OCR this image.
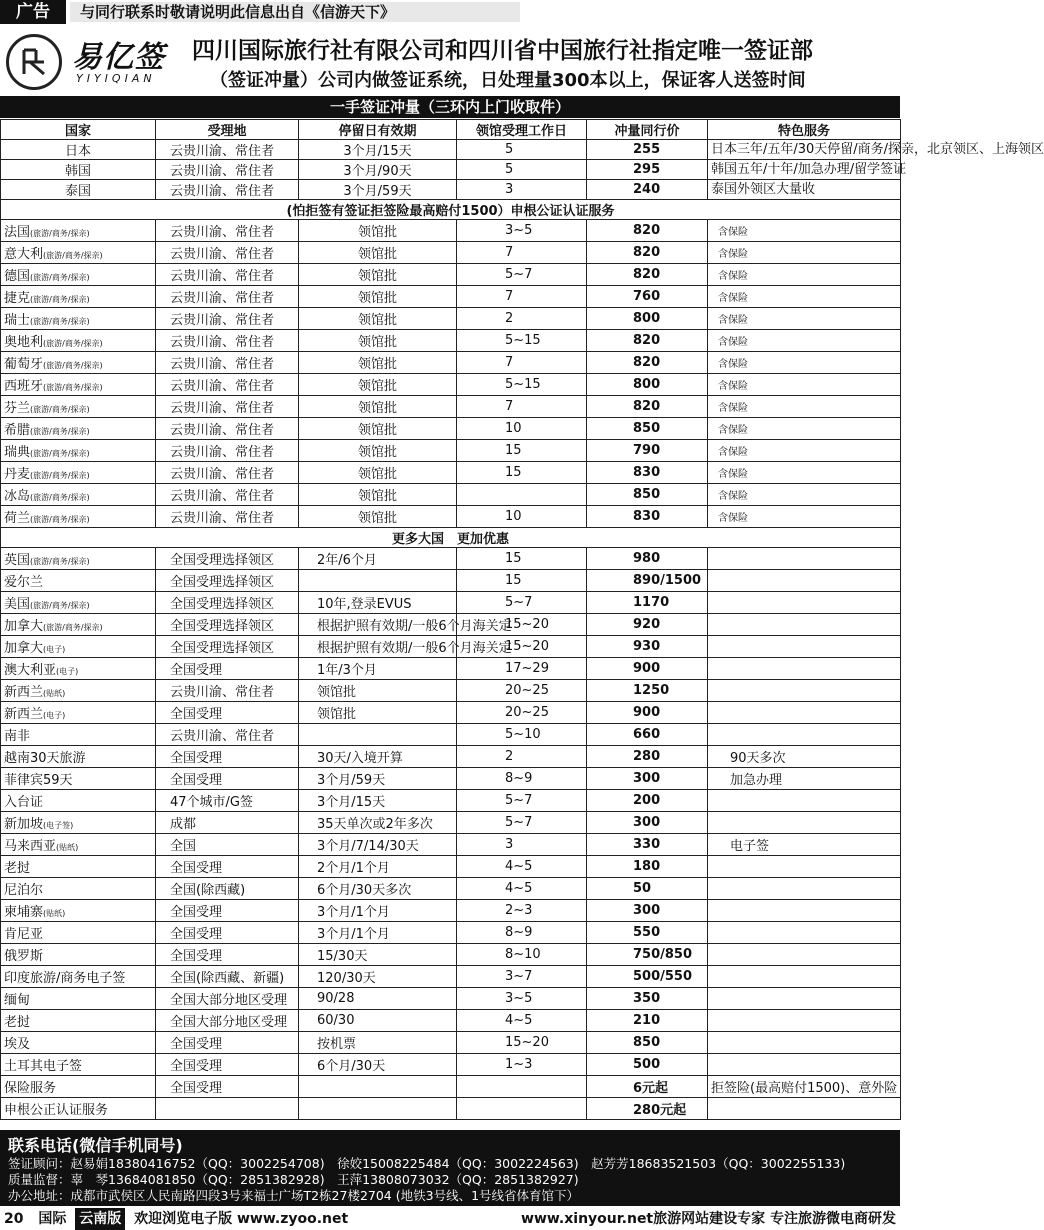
广告	与同行联系时敬请说明此信息出自《信游天下》
易亿签
YIYIQIAN
四川国际旅行社有限公司和四川省中国旅行社指定唯一签证部
（签证冲量）公司内做签证系统，日处理量300本以上，保证客人送签时间
一手签证冲量（三环内上门收取件）
国家	受理地	停留日有效期	领馆受理工作日	冲量同行价	特色服务
日本	云贵川渝、常住者	3个月/15天	5	255	日本三年/五年/30天停留/商务/探亲，北京领区、上海领区
韩国	云贵川渝、常住者	3个月/90天	5	295	韩国五年/十年/加急办理/留学签证
泰国	云贵川渝、常住者	3个月/59天	3	240	泰国外领区大量收
(怕拒签有签证拒签险最高赔付1500）申根公证认证服务					
法国(旅游/商务/探亲)	云贵川渝、常住者	领馆批	3~5	820	含保险
意大利(旅游/商务/探亲)	云贵川渝、常住者	领馆批	7	820	含保险
德国(旅游/商务/探亲)	云贵川渝、常住者	领馆批	5~7	820	含保险
捷克(旅游/商务/探亲)	云贵川渝、常住者	领馆批	7	760	含保险
瑞士(旅游/商务/探亲)	云贵川渝、常住者	领馆批	2	800	含保险
奥地利(旅游/商务/探亲)	云贵川渝、常住者	领馆批	5~15	820	含保险
葡萄牙(旅游/商务/探亲)	云贵川渝、常住者	领馆批	7	820	含保险
西班牙(旅游/商务/探亲)	云贵川渝、常住者	领馆批	5~15	800	含保险
芬兰(旅游/商务/探亲)	云贵川渝、常住者	领馆批	7	820	含保险
希腊(旅游/商务/探亲)	云贵川渝、常住者	领馆批	10	850	含保险
瑞典(旅游/商务/探亲)	云贵川渝、常住者	领馆批	15	790	含保险
丹麦(旅游/商务/探亲)	云贵川渝、常住者	领馆批	15	830	含保险
冰岛(旅游/商务/探亲)	云贵川渝、常住者	领馆批		850	含保险
荷兰(旅游/商务/探亲)	云贵川渝、常住者	领馆批	10	830	含保险
更多大国　更加优惠					
英国(旅游/商务/探亲)	全国受理选择领区	2年/6个月	15	980	
爱尔兰	全国受理选择领区		15	890/1500	
美国(旅游/商务/探亲)	全国受理选择领区	10年,登录EVUS	5~7	1170	
加拿大(旅游/商务/探亲)	全国受理选择领区	根据护照有效期/一般6个月海关定	15~20	920	
加拿大(电子)	全国受理选择领区	根据护照有效期/一般6个月海关定	15~20	930	
澳大利亚(电子)	全国受理	1年/3个月	17~29	900	
新西兰(贴纸)	云贵川渝、常住者	领馆批	20~25	1250	
新西兰(电子)	全国受理	领馆批	20~25	900	
南非	云贵川渝、常住者		5~10	660	
越南30天旅游	全国受理	30天/入境开算	2	280	90天多次
菲律宾59天	全国受理	3个月/59天	8~9	300	加急办理
入台证	47个城市/G签	3个月/15天	5~7	200	
新加坡(电子签)	成都	35天单次或2年多次	5~7	300	
马来西亚(贴纸)	全国	3个月/7/14/30天	3	330	电子签
老挝	全国受理	2个月/1个月	4~5	180	
尼泊尔	全国(除西藏)	6个月/30天多次	4~5	50	
柬埔寨(贴纸)	全国受理	3个月/1个月	2~3	300	
肯尼亚	全国受理	3个月/1个月	8~9	550	
俄罗斯	全国受理	15/30天	8~10	750/850	
印度旅游/商务电子签	全国(除西藏、新疆)	120/30天	3~7	500/550	
缅甸	全国大部分地区受理	90/28	3~5	350	
老挝	全国大部分地区受理	60/30	4~5	210	
埃及	全国受理	按机票	15~20	850	
土耳其电子签	全国受理	6个月/30天	1~3	500	
保险服务	全国受理			6元起	拒签险(最高赔付1500)、意外险
申根公正认证服务				280元起	
联系电话(微信手机同号)
签证顾问：赵易娟18380416752（QQ：3002254708)　徐姣15008225484（QQ：3002224563)　赵芳芳18683521503（QQ：3002255133)
质量监督：辜　琴13684081850（QQ：2851382928)　王萍13808073032（QQ：2851382927)
办公地址：成都市武侯区人民南路四段3号来福士广场T2栋27楼2704 (地铁3号线、1号线省体育馆下）
20 国际 云南版 欢迎浏览电子版 www.zyoo.net	www.xinyour.net旅游网站建设专家 专注旅游微电商研发
